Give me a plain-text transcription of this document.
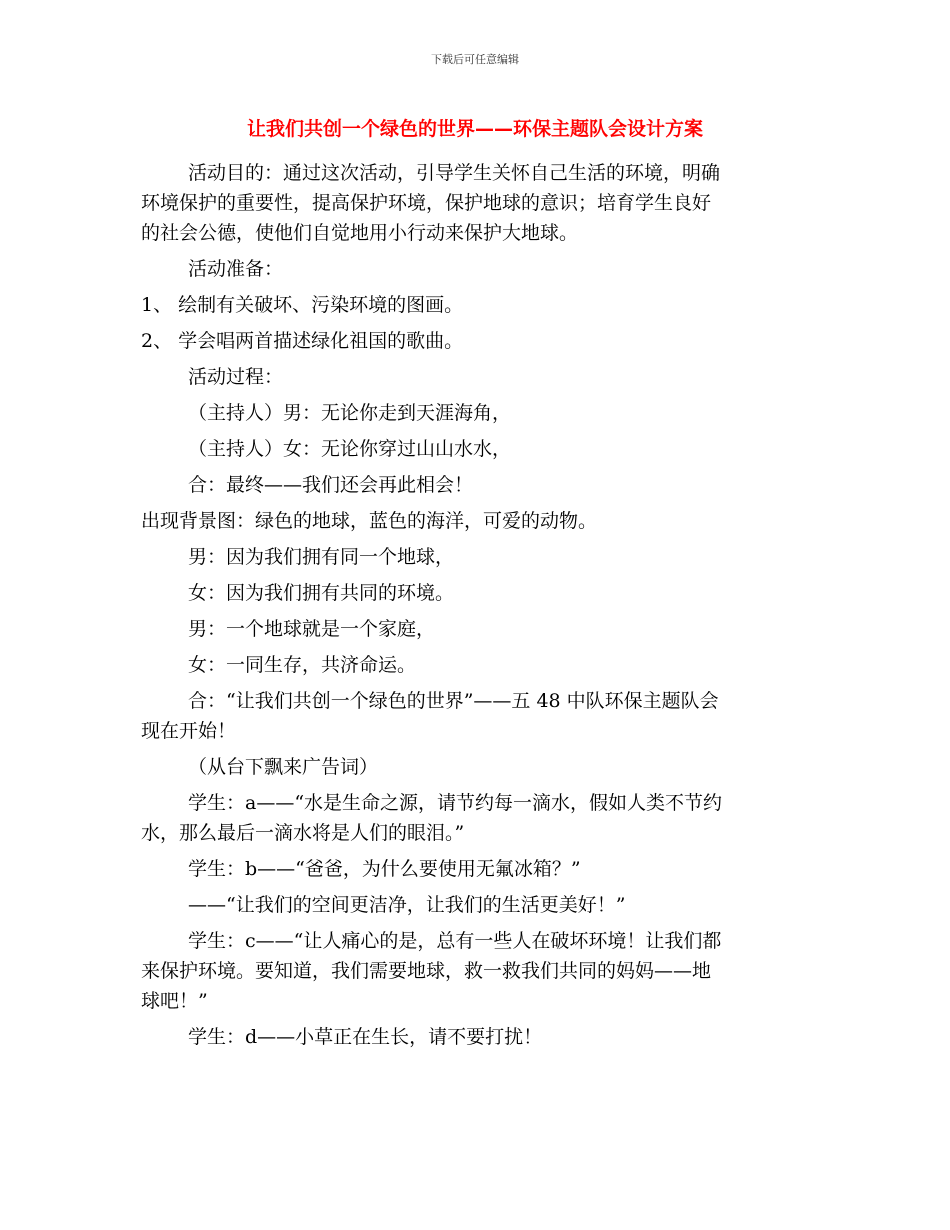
下载后可任意编辑
让我们共创一个绿色的世界——环保主题队会设计方案
活动目的：通过这次活动，引导学生关怀自己生活的环境，明确
环境保护的重要性，提高保护环境，保护地球的意识；培育学生良好
的社会公德，使他们自觉地用小行动来保护大地球。
活动准备：
1、 绘制有关破坏、污染环境的图画。
2、 学会唱两首描述绿化祖国的歌曲。
活动过程：
（主持人）男：无论你走到天涯海角，
（主持人）女：无论你穿过山山水水，
合：最终——我们还会再此相会！
出现背景图：绿色的地球，蓝色的海洋，可爱的动物。
男：因为我们拥有同一个地球，
女：因为我们拥有共同的环境。
男：一个地球就是一个家庭，
女：一同生存，共济命运。
合：“让我们共创一个绿色的世界”——五 48 中队环保主题队会
现在开始！
（从台下飘来广告词）
学生：a——“水是生命之源，请节约每一滴水，假如人类不节约
水，那么最后一滴水将是人们的眼泪。”
学生：b——“爸爸，为什么要使用无氟冰箱？”
——“让我们的空间更洁净，让我们的生活更美好！”
学生：c——“让人痛心的是，总有一些人在破坏环境！让我们都
来保护环境。要知道，我们需要地球，救一救我们共同的妈妈——地
球吧！”
学生：d——小草正在生长，请不要打扰！
